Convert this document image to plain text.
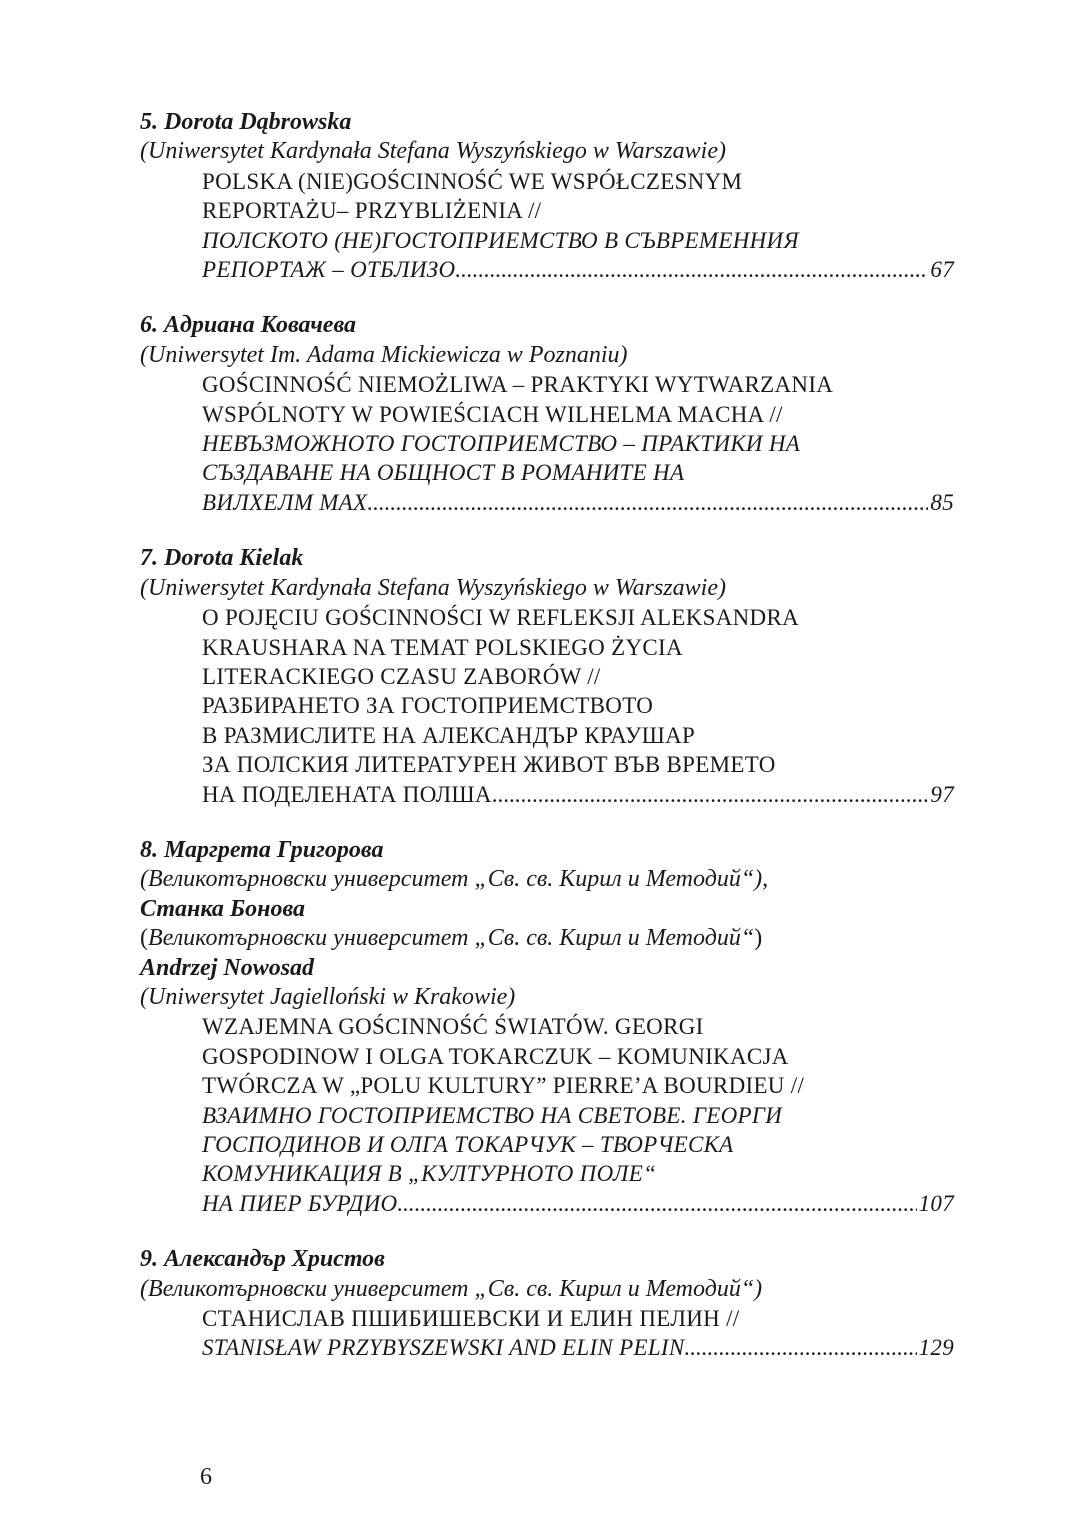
5. Dorota Dąbrowska
(Uniwersytet Kardynała Stefana Wyszyńskiego w Warszawie)
POLSKA (NIE)GOŚCINNOŚĆ WE WSPÓŁCZESNYM
REPORTAŻU– PRZYBLIŻENIA //
ПОЛСКОТО (НЕ)ГОСТОПРИЕМСТВО В СЪВРЕМЕННИЯ
РЕПОРТАЖ – ОТБЛИЗО .....	67
6. Адриана Ковачева
(Uniwersytet Im. Adama Mickiewicza w Poznaniu)
GOŚCINNOŚĆ NIEMOŻLIWA – PRAKTYKI WYTWARZANIA
WSPÓLNOTY W POWIEŚCIACH WILHELMA MACHA //
НЕВЪЗМОЖНОТО ГОСТОПРИЕМСТВО – ПРАКТИКИ НА
СЪЗДАВАНЕ НА ОБЩНОСТ В РОМАНИТЕ НА
ВИЛХЕЛМ МАХ .....	85
7. Dorota Kielak
(Uniwersytet Kardynała Stefana Wyszyńskiego w Warszawie)
O POJĘCIU GOŚCINNOŚCI W REFLEKSJI ALEKSANDRA
KRAUSHARA NA TEMAT POLSKIEGO ŻYCIA
LITERACKIEGO CZASU ZABORÓW //
РАЗБИРАНЕТО ЗА ГОСТОПРИЕМСТВОТО
В РАЗМИСЛИТЕ НА АЛЕКСАНДЪР КРАУШАР
ЗА ПОЛСКИЯ ЛИТЕРАТУРЕН ЖИВОТ ВЪВ ВРЕМЕТО
НА ПОДЕЛЕНАТА ПОЛША .....	97
8. Маргрета Григорова
(Великотърновски университет „Св. св. Кирил и Методий“),
Станка Бонова
(Великотърновски университет „Св. св. Кирил и Методий“)
Andrzej Nowosad
(Uniwersytet Jagielloński w Krakowie)
WZAJEMNA GOŚCINNOŚĆ ŚWIATÓW. GEORGI
GOSPODINOW I OLGA TOKARCZUK – KOMUNIKACJA
TWÓRCZA W „POLU KULTURY” PIERRE’A BOURDIEU //
ВЗАИМНО ГОСТОПРИЕМСТВО НА СВЕТОВЕ. ГЕОРГИ
ГОСПОДИНОВ И ОЛГА ТОКАРЧУК – ТВОРЧЕСКА
КОМУНИКАЦИЯ В „КУЛТУРНОТО ПОЛЕ“
НА ПИЕР БУРДИО .....	107
9. Александър Христов
(Великотърновски университет „Св. св. Кирил и Методий“)
СТАНИСЛАВ ПШИБИШЕВСКИ И ЕЛИН ПЕЛИН //
STANISŁAW PRZYBYSZEWSKI AND ELIN PELIN .....	129
6
